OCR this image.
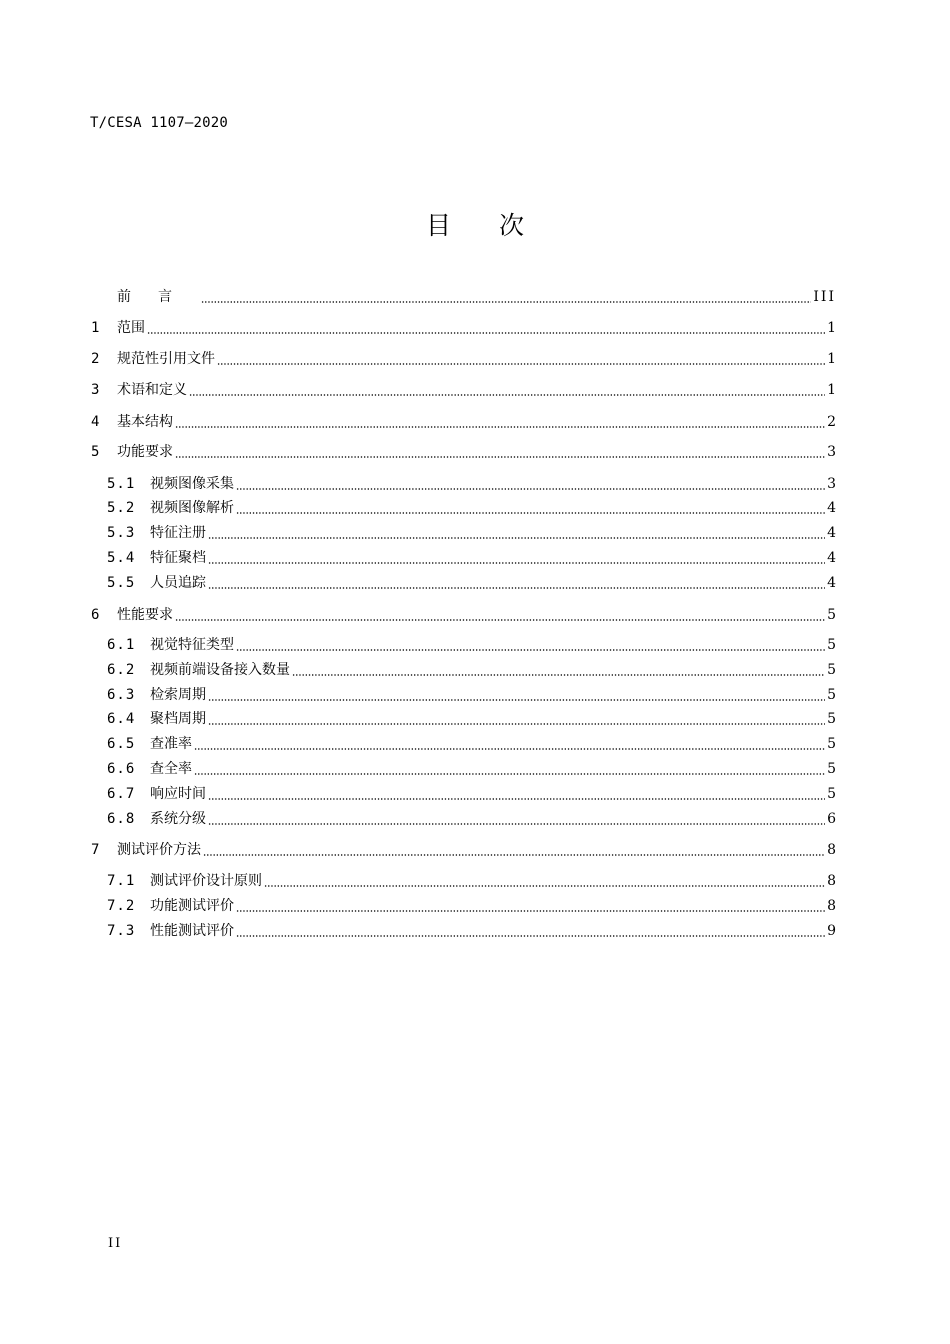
T/CESA 1107—2020
目次
前言	III
1	范围	1
2	规范性引用文件	1
3	术语和定义	1
4	基本结构	2
5	功能要求	3
5.1	视频图像采集	3
5.2	视频图像解析	4
5.3	特征注册	4
5.4	特征聚档	4
5.5	人员追踪	4
6	性能要求	5
6.1	视觉特征类型	5
6.2	视频前端设备接入数量	5
6.3	检索周期	5
6.4	聚档周期	5
6.5	查准率	5
6.6	查全率	5
6.7	响应时间	5
6.8	系统分级	6
7	测试评价方法	8
7.1	测试评价设计原则	8
7.2	功能测试评价	8
7.3	性能测试评价	9
II
